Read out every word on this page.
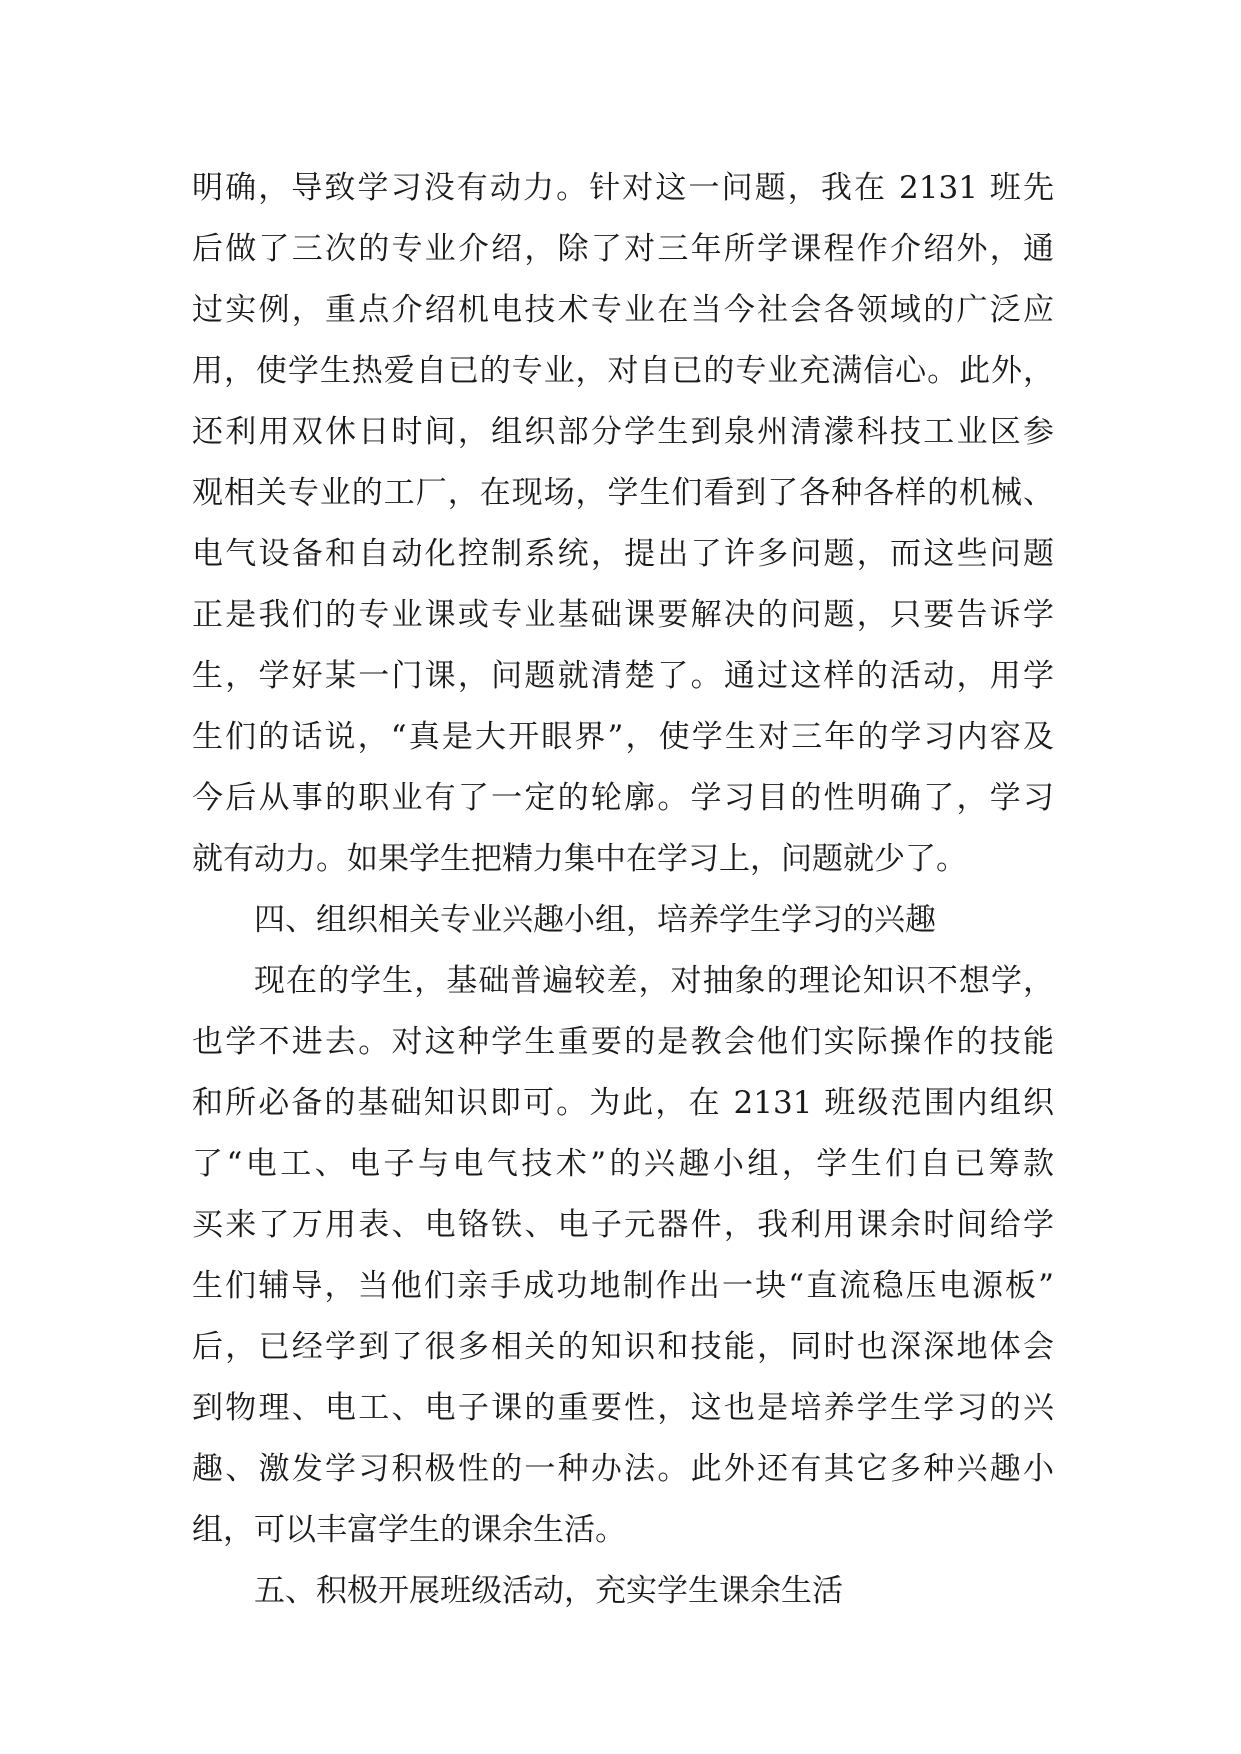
明确，导致学习没有动力。针对这一问题，我在 2131 班先
后做了三次的专业介绍，除了对三年所学课程作介绍外，通
过实例，重点介绍机电技术专业在当今社会各领域的广泛应
用，使学生热爱自已的专业，对自已的专业充满信心。此外，
还利用双休日时间，组织部分学生到泉州清濛科技工业区参
观相关专业的工厂，在现场，学生们看到了各种各样的机械、
电气设备和自动化控制系统，提出了许多问题，而这些问题
正是我们的专业课或专业基础课要解决的问题，只要告诉学
生，学好某一门课，问题就清楚了。通过这样的活动，用学
生们的话说，“真是大开眼界”，使学生对三年的学习内容及
今后从事的职业有了一定的轮廓。学习目的性明确了，学习
就有动力。如果学生把精力集中在学习上，问题就少了。
四、组织相关专业兴趣小组，培养学生学习的兴趣
现在的学生，基础普遍较差，对抽象的理论知识不想学，
也学不进去。对这种学生重要的是教会他们实际操作的技能
和所必备的基础知识即可。为此，在 2131 班级范围内组织
了“电工、电子与电气技术”的兴趣小组，学生们自已筹款
买来了万用表、电铬铁、电子元器件，我利用课余时间给学
生们辅导，当他们亲手成功地制作出一块“直流稳压电源板”
后，已经学到了很多相关的知识和技能，同时也深深地体会
到物理、电工、电子课的重要性，这也是培养学生学习的兴
趣、激发学习积极性的一种办法。此外还有其它多种兴趣小
组，可以丰富学生的课余生活。
五、积极开展班级活动，充实学生课余生活
